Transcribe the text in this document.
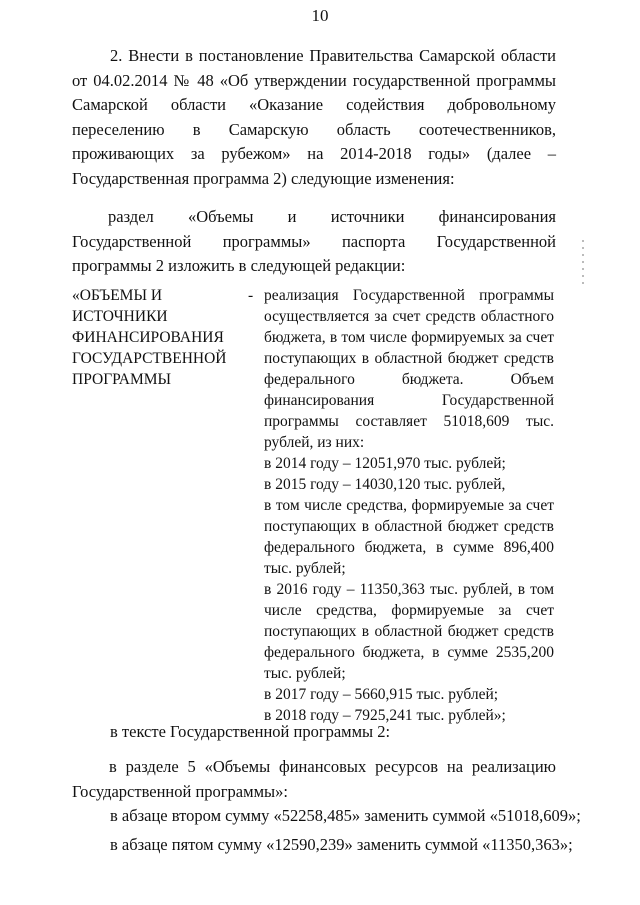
10
2. Внести в постановление Правительства Самарской области от 04.02.2014 № 48 «Об утверждении государственной программы Самарской области «Оказание содействия добровольному переселению в Самарскую область соотечественников, проживающих за рубежом» на 2014-2018 годы» (далее – Государственная программа 2) следующие изменения:
раздел «Объемы и источники финансирования Государственной программы» паспорта Государственной программы 2 изложить в следующей редакции:
«ОБЪЕМЫ И ИСТОЧНИКИ ФИНАНСИРОВАНИЯ ГОСУДАРСТВЕННОЙ ПРОГРАММЫ
- реализация Государственной программы осуществляется за счет средств областного бюджета, в том числе формируемых за счет поступающих в областной бюджет средств федерального бюджета. Объем финансирования Государственной программы составляет 51018,609 тыс. рублей, из них:
в 2014 году – 12051,970 тыс. рублей;
в 2015 году – 14030,120 тыс. рублей,
в том числе средства, формируемые за счет поступающих в областной бюджет средств федерального бюджета, в сумме 896,400 тыс. рублей;
в 2016 году – 11350,363 тыс. рублей, в том числе средства, формируемые за счет поступающих в областной бюджет средств федерального бюджета, в сумме 2535,200 тыс. рублей;
в 2017 году – 5660,915 тыс. рублей;
в 2018 году – 7925,241 тыс. рублей»;
в тексте Государственной программы 2:
в разделе 5 «Объемы финансовых ресурсов на реализацию Государственной программы»:
в абзаце втором сумму «52258,485» заменить суммой «51018,609»;
в абзаце пятом сумму «12590,239» заменить суммой «11350,363»;
